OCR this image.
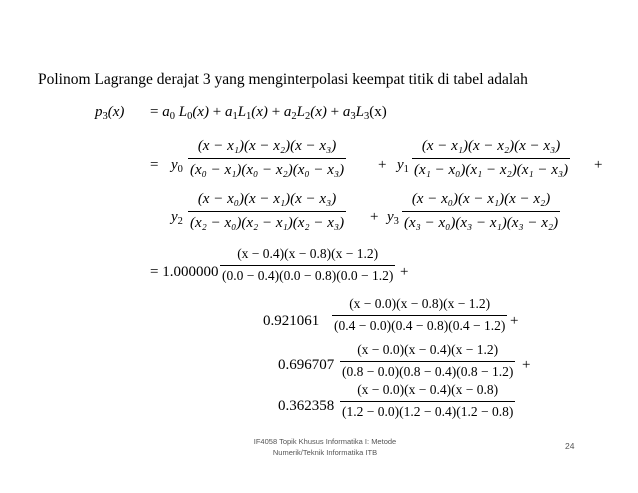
Polinom Lagrange derajat 3 yang menginterpolasi keempat titik di tabel adalah
$p_3(x) = a_0$ $L_0(x) + a_1L_1(x) + a_2L_2(x) + a_3L_3(x)$
= $y_0$
(x − x₁)(x − x₂)(x − x₃)
$(x_0 - x_1)(x_0 - x_2)(x_0 - x_3) + y_1$
(x − x₁)(x − x₂)(x − x₃)
(x₁ − x₀)(x₁ − x₂)(x₁ − x₃) +
$y_2$
(x − x₀)(x − x₁)(x − x₃)
$(x_2 - x_0)(x_2 - x_1)(x_2 - x_3) + y_3$
(x − x₀)(x − x₁)(x − x₂)
(x₃ − x₀)(x₃ − x₁)(x₃ − x₂)
= 1.000000
(x − 0.4)(x − 0.8)(x − 1.2)
(0.0 − 0.4)(0.0 − 0.8)(0.0 − 1.2) +
0.921061
(x − 0.0)(x − 0.8)(x − 1.2)
(0.4 − 0.0)(0.4 − 0.8)(0.4 − 1.2) +
0.696707
(x − 0.0)(x − 0.4)(x − 1.2)
(0.8 − 0.0)(0.8 − 0.4)(0.8 − 1.2) +
0.362358
(x − 0.0)(x − 0.4)(x − 0.8)
(1.2 − 0.0)(1.2 − 0.4)(1.2 − 0.8)
IF4058 Topik Khusus Informatika I: Metode
Numerik/Teknik Informatika ITB
24
